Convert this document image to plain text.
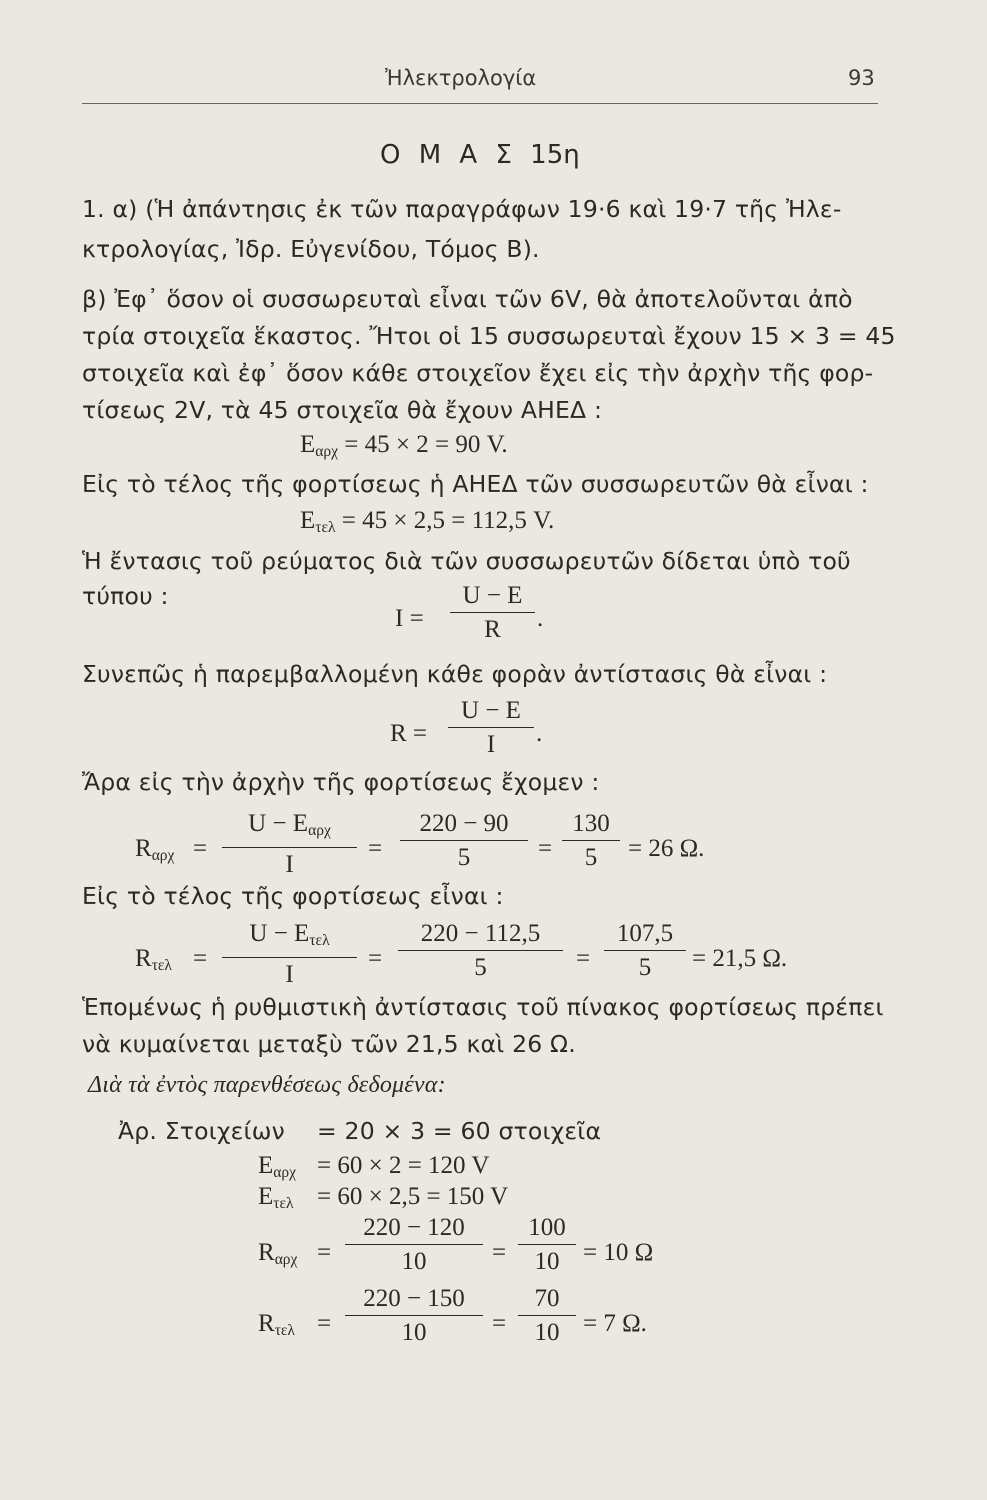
Ἠλεκτρολογία	93
Ο Μ Α Σ 15η
1. α) (Ἡ ἀπάντησις ἐκ τῶν παραγράφων 19·6 καὶ 19·7 τῆς Ἠλε-
κτρολογίας, Ἰδρ. Εὐγενίδου, Τόμος Β).
β) Ἐφ᾽ ὅσον οἱ συσσωρευταὶ εἶναι τῶν 6V, θὰ ἀποτελοῦνται ἀπὸ
τρία στοιχεῖα ἕκαστος. Ἤτοι οἱ 15 συσσωρευταὶ ἔχουν 15 × 3 = 45
στοιχεῖα καὶ ἐφ᾽ ὅσον κάθε στοιχεῖον ἔχει εἰς τὴν ἀρχὴν τῆς φορ-
τίσεως 2V, τὰ 45 στοιχεῖα θὰ ἔχουν ΑΗΕΔ :
$E_{\alpha\rho\chi} = 45 \times 2 = 90$ V.
Εἰς τὸ τέλος τῆς φορτίσεως ἡ ΑΗΕΔ τῶν συσσωρευτῶν θὰ εἶναι :
$E_{\tau\varepsilon\lambda} = 45 \times 2,5 = 112,5$ V.
Ἡ ἔντασις τοῦ ρεύματος διὰ τῶν συσσωρευτῶν δίδεται ὑπὸ τοῦ
τύπου :
I =
U − E
R	.
Συνεπῶς ἡ παρεμβαλλομένη κάθε φορὰν ἀντίστασις θὰ εἶναι :
R =
U − E
I	.
Ἄρα εἰς τὴν ἀρχὴν τῆς φορτίσεως ἔχομεν :
$R_{\alpha\rho\chi}$ =
$U - E_{\alpha\rho\chi}$
I
=
220 − 90
5	=
130
5	= 26 Ω.
Εἰς τὸ τέλος τῆς φορτίσεως εἶναι :
$R_{\tau\varepsilon\lambda}$ =
$U - E_{\tau\varepsilon\lambda}$
I
=
220 − 112,5
5	=
107,5
5	= 21,5 Ω.
Ἑπομένως ἡ ρυθμιστικὴ ἀντίστασις τοῦ πίνακος φορτίσεως πρέπει
νὰ κυμαίνεται μεταξὺ τῶν 21,5 καὶ 26 Ω.
Διὰ τὰ ἐντὸς παρενθέσεως δεδομένα:
Ἀρ. Στοιχείων = 20 × 3 = 60 στοιχεῖα
$E_{\alpha\rho\chi} = 60 \times 2 = 120$ V
$E_{\tau\varepsilon\lambda} = 60 \times 2,5 = 150$ V
$R_{\alpha\rho\chi}$ =
220 − 120
10	=
100
10 = 10 Ω
$R_{\tau\varepsilon\lambda}$ =
220 − 150
10	=
70
10 = 7 Ω.
